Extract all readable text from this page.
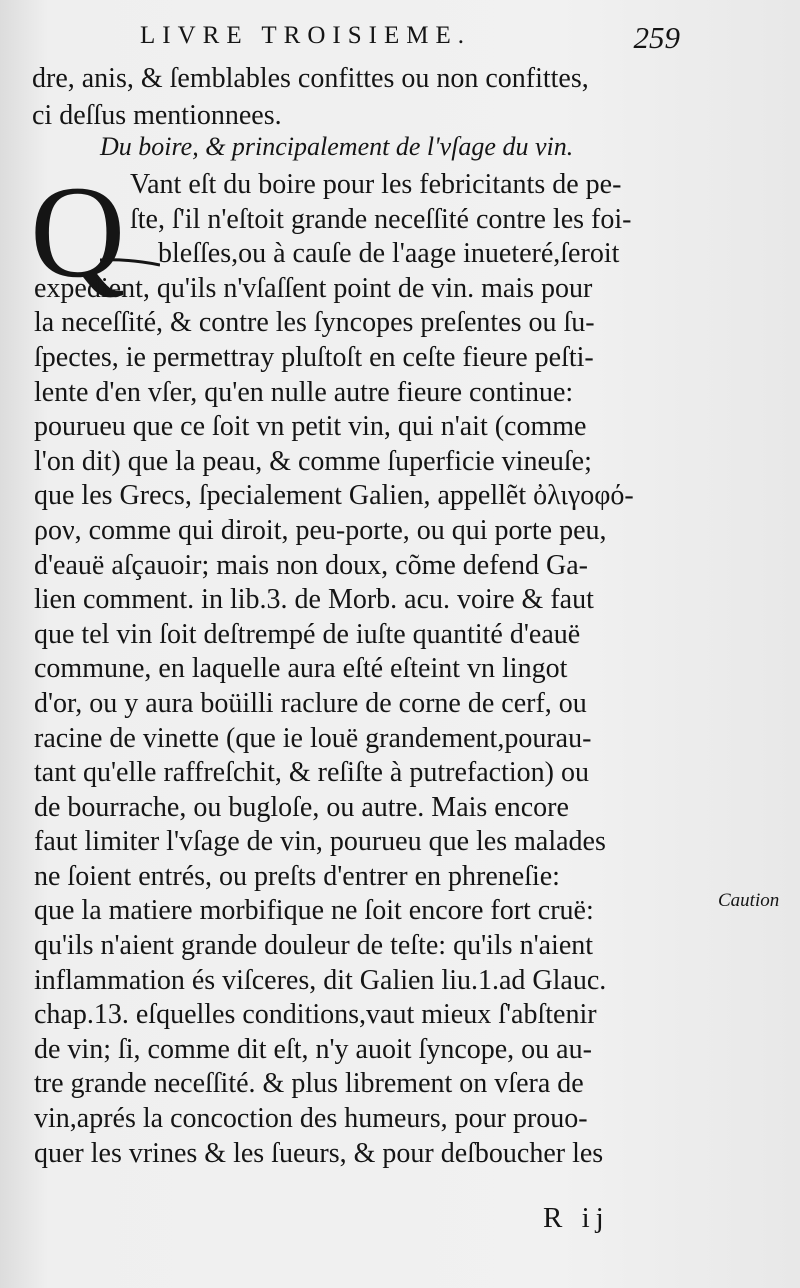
LIVRE TROISIEME.	259
dre, anis, & ſemblables confittes ou non confittes,
ci deſſus mentionnees.
Du boire, & principalement de l'vſage du vin.
Q Vant eſt du boire pour les febricitants de pe-
ſte, ſ'il n'eſtoit grande neceſſité contre les foi-
bleſſes,ou à cauſe de l'aage inueteré,ſeroit
expedient, qu'ils n'vſaſſent point de vin. mais pour
la neceſſité, & contre les ſyncopes preſentes ou ſu-
ſpectes, ie permettray pluſtoſt en ceſte fieure peſti-
lente d'en vſer, qu'en nulle autre fieure continue:
pourueu que ce ſoit vn petit vin, qui n'ait (comme
l'on dit) que la peau, & comme ſuperficie vineuſe;
que les Grecs, ſpecialement Galien, appellẽt ὀλιγοφό-
ρον, comme qui diroit, peu-porte, ou qui porte peu,
d'eauë aſçauoir; mais non doux, cõme defend Ga-
lien comment. in lib.3. de Morb. acu. voire & faut
que tel vin ſoit deſtrempé de iuſte quantité d'eauë
commune, en laquelle aura eſté eſteint vn lingot
d'or, ou y aura boüilli raclure de corne de cerf, ou
racine de vinette (que ie louë grandement,pourau-
tant qu'elle raffreſchit, & reſiſte à putrefaction) ou
de bourrache, ou bugloſe, ou autre. Mais encore
faut limiter l'vſage de vin, pourueu que les malades
ne ſoient entrés, ou preſts d'entrer en phreneſie:
que la matiere morbifique ne ſoit encore fort cruë:
qu'ils n'aient grande douleur de teſte: qu'ils n'aient
inflammation és viſceres, dit Galien liu.1.ad Glauc.
chap.13. eſquelles conditions,vaut mieux ſ'abſtenir
de vin; ſi, comme dit eſt, n'y auoit ſyncope, ou au-
tre grande neceſſité. & plus librement on vſera de
vin,aprés la concoction des humeurs, pour prouo-
quer les vrines & les ſueurs, & pour deſboucher les
Caution
R ij
